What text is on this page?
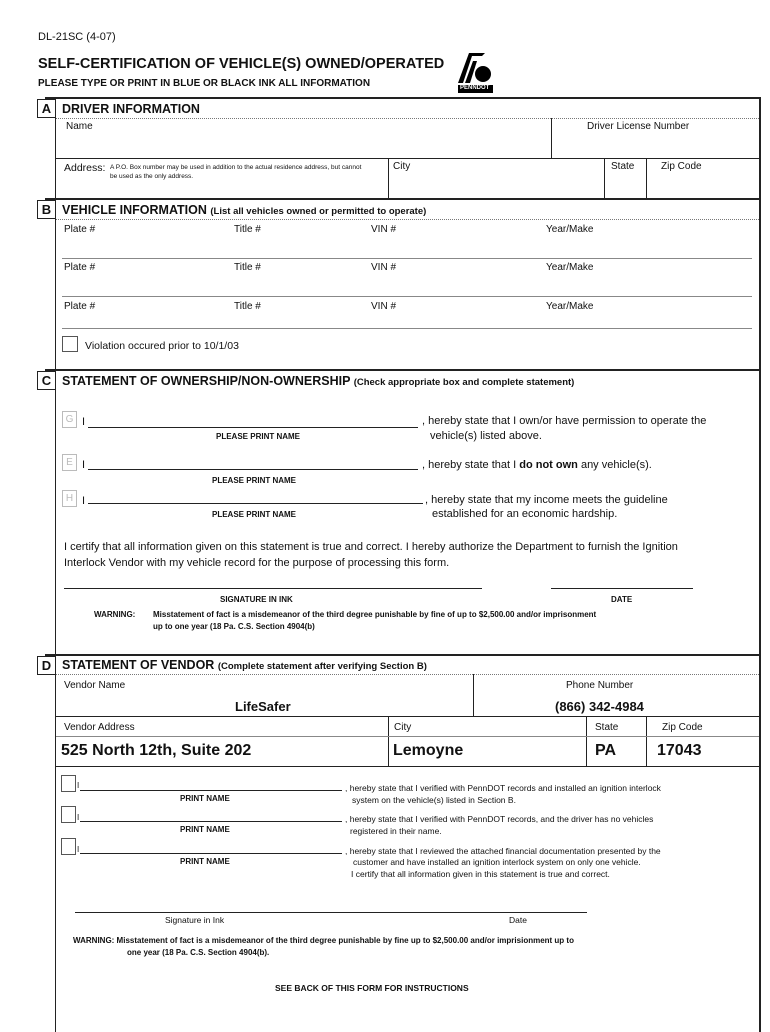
DL-21SC (4-07)
SELF-CERTIFICATION OF VEHICLE(S) OWNED/OPERATED
PLEASE TYPE OR PRINT IN BLUE OR BLACK INK ALL INFORMATION	PENNDOT
A DRIVER INFORMATION
Name	Driver License Number
Address: A P.O. Box number may be used in addition to the actual residence address, but cannot
be used as the only address.
City	State	Zip Code
B VEHICLE INFORMATION (List all vehicles owned or permitted to operate)
Plate #	Title #	VIN #	Year/Make
Plate #	Title #	VIN #	Year/Make
Plate #	Title #	VIN #	Year/Make
Violation occured prior to 10/1/03
C STATEMENT OF OWNERSHIP/NON-OWNERSHIP (Check appropriate box and complete statement)
G I
PLEASE PRINT NAME
, hereby state that I own/or have permission to operate the
vehicle(s) listed above.
E I
PLEASE PRINT NAME
, hereby state that I do not own any vehicle(s).
H I
PLEASE PRINT NAME
, hereby state that my income meets the guideline
established for an economic hardship.
I certify that all information given on this statement is true and correct. I hereby authorize the Department to furnish the Ignition
Interlock Vendor with my vehicle record for the purpose of processing this form.
SIGNATURE IN INK	DATE
WARNING: Misstatement of fact is a misdemeanor of the third degree punishable by fine of up to $2,500.00 and/or imprisonment
up to one year (18 Pa. C.S. Section 4904(b)
D STATEMENT OF VENDOR (Complete statement after verifying Section B)
Vendor Name	Phone Number
LifeSafer	(866) 342-4984
Vendor Address	City	State	Zip Code
525 North 12th, Suite 202	Lemoyne	PA	17043
I
PRINT NAME
, hereby state that I verified with PennDOT records and installed an ignition interlock
system on the vehicle(s) listed in Section B.
I
PRINT NAME
, hereby state that I verified with PennDOT records, and the driver has no vehicles
registered in their name.
I
PRINT NAME
, hereby state that I reviewed the attached financial documentation presented by the
customer and have installed an ignition interlock system on only one vehicle.
I certify that all information given in this statement is true and correct.
Signature in Ink	Date
WARNING: Misstatement of fact is a misdemeanor of the third degree punishable by fine up to $2,500.00 and/or imprisionment up to
one year (18 Pa. C.S. Section 4904(b).
SEE BACK OF THIS FORM FOR INSTRUCTIONS
